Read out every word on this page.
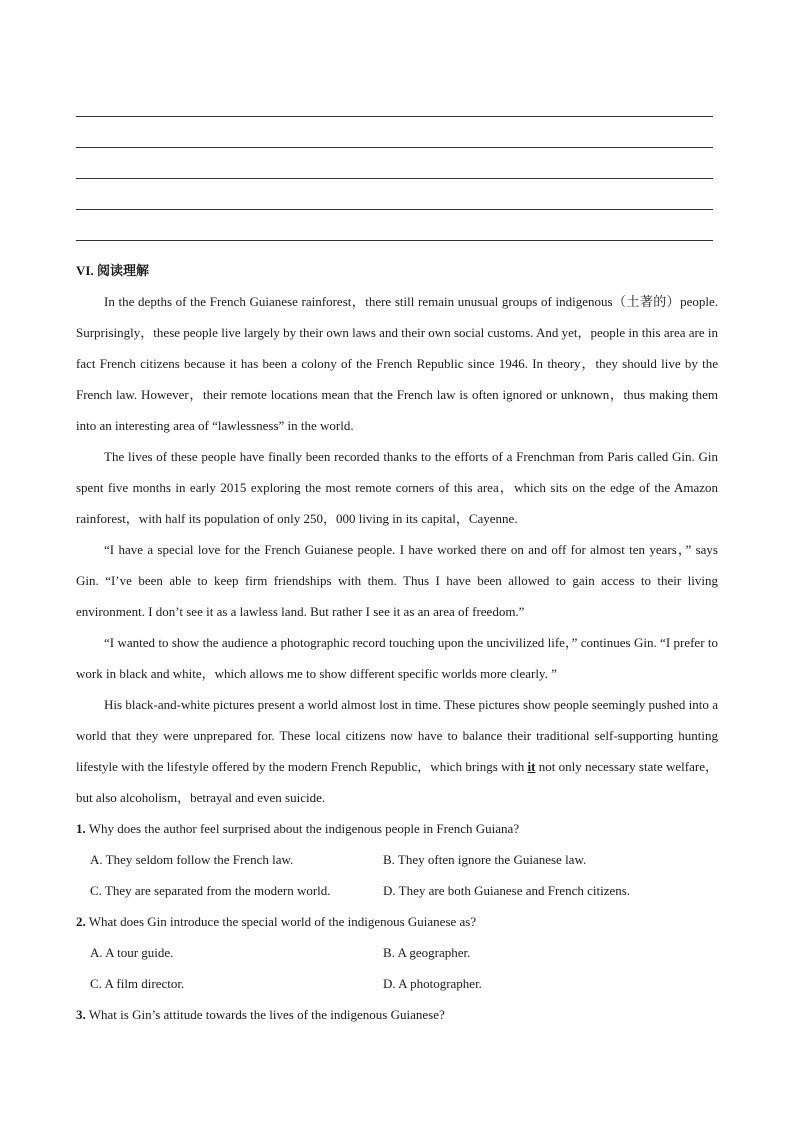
VI. 阅读理解

In the depths of the French Guianese rainforest，there still remain unusual groups of indigenous（土著的）people. Surprisingly，these people live largely by their own laws and their own social customs. And yet，people in this area are in fact French citizens because it has been a colony of the French Republic since 1946. In theory，they should live by the French law. However，their remote locations mean that the French law is often ignored or unknown，thus making them into an interesting area of “lawlessness” in the world.

The lives of these people have finally been recorded thanks to the efforts of a Frenchman from Paris called Gin. Gin spent five months in early 2015 exploring the most remote corners of this area，which sits on the edge of the Amazon rainforest，with half its population of only 250，000 living in its capital，Cayenne.

“I have a special love for the French Guianese people. I have worked there on and off for almost ten years，” says Gin. “I’ve been able to keep firm friendships with them. Thus I have been allowed to gain access to their living environment. I don’t see it as a lawless land. But rather I see it as an area of freedom.”

“I wanted to show the audience a photographic record touching upon the uncivilized life，” continues Gin. “I prefer to work in black and white，which allows me to show different specific worlds more clearly. ”

His black-and-white pictures present a world almost lost in time. These pictures show people seemingly pushed into a world that they were unprepared for. These local citizens now have to balance their traditional self-supporting hunting lifestyle with the lifestyle offered by the modern French Republic，which brings with it not only necessary state welfare，but also alcoholism，betrayal and even suicide.

1. Why does the author feel surprised about the indigenous people in French Guiana?

A. They seldom follow the French law.	B. They often ignore the Guianese law.
C. They are separated from the modern world.	D. They are both Guianese and French citizens.

2. What does Gin introduce the special world of the indigenous Guianese as?

A. A tour guide.	B. A geographer.
C. A film director.	D. A photographer.

3. What is Gin’s attitude towards the lives of the indigenous Guianese?
